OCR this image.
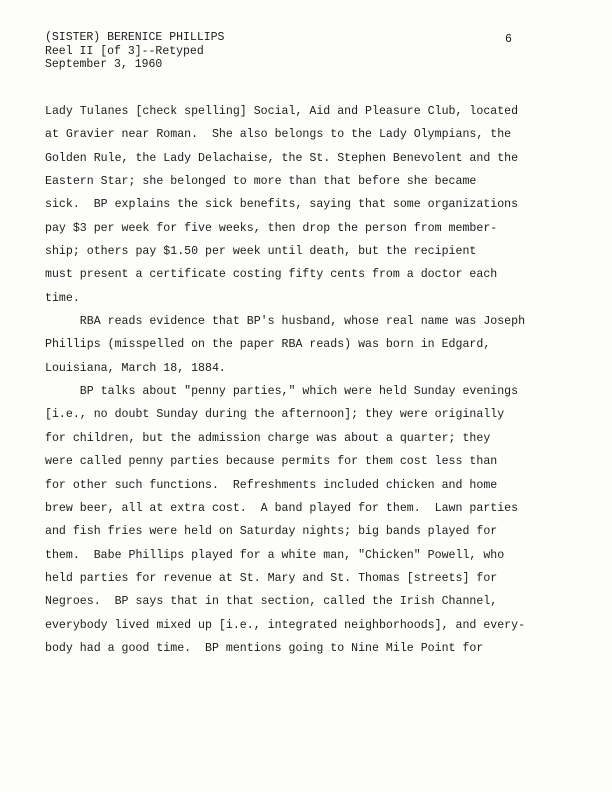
(SISTER) BERENICE PHILLIPS
Reel II [of 3]--Retyped
September 3, 1960
6
Lady Tulanes [check spelling] Social, Aid and Pleasure Club, located
at Gravier near Roman.  She also belongs to the Lady Olympians, the
Golden Rule, the Lady Delachaise, the St. Stephen Benevolent and the
Eastern Star; she belonged to more than that before she became
sick.  BP explains the sick benefits, saying that some organizations
pay $3 per week for five weeks, then drop the person from member-
ship; others pay $1.50 per week until death, but the recipient
must present a certificate costing fifty cents from a doctor each
time.
RBA reads evidence that BP's husband, whose real name was Joseph
Phillips (misspelled on the paper RBA reads) was born in Edgard,
Louisiana, March 18, 1884.
BP talks about "penny parties," which were held Sunday evenings
[i.e., no doubt Sunday during the afternoon]; they were originally
for children, but the admission charge was about a quarter; they
were called penny parties because permits for them cost less than
for other such functions.  Refreshments included chicken and home
brew beer, all at extra cost.  A band played for them.  Lawn parties
and fish fries were held on Saturday nights; big bands played for
them.  Babe Phillips played for a white man, "Chicken" Powell, who
held parties for revenue at St. Mary and St. Thomas [streets] for
Negroes.  BP says that in that section, called the Irish Channel,
everybody lived mixed up [i.e., integrated neighborhoods], and every-
body had a good time.  BP mentions going to Nine Mile Point for
